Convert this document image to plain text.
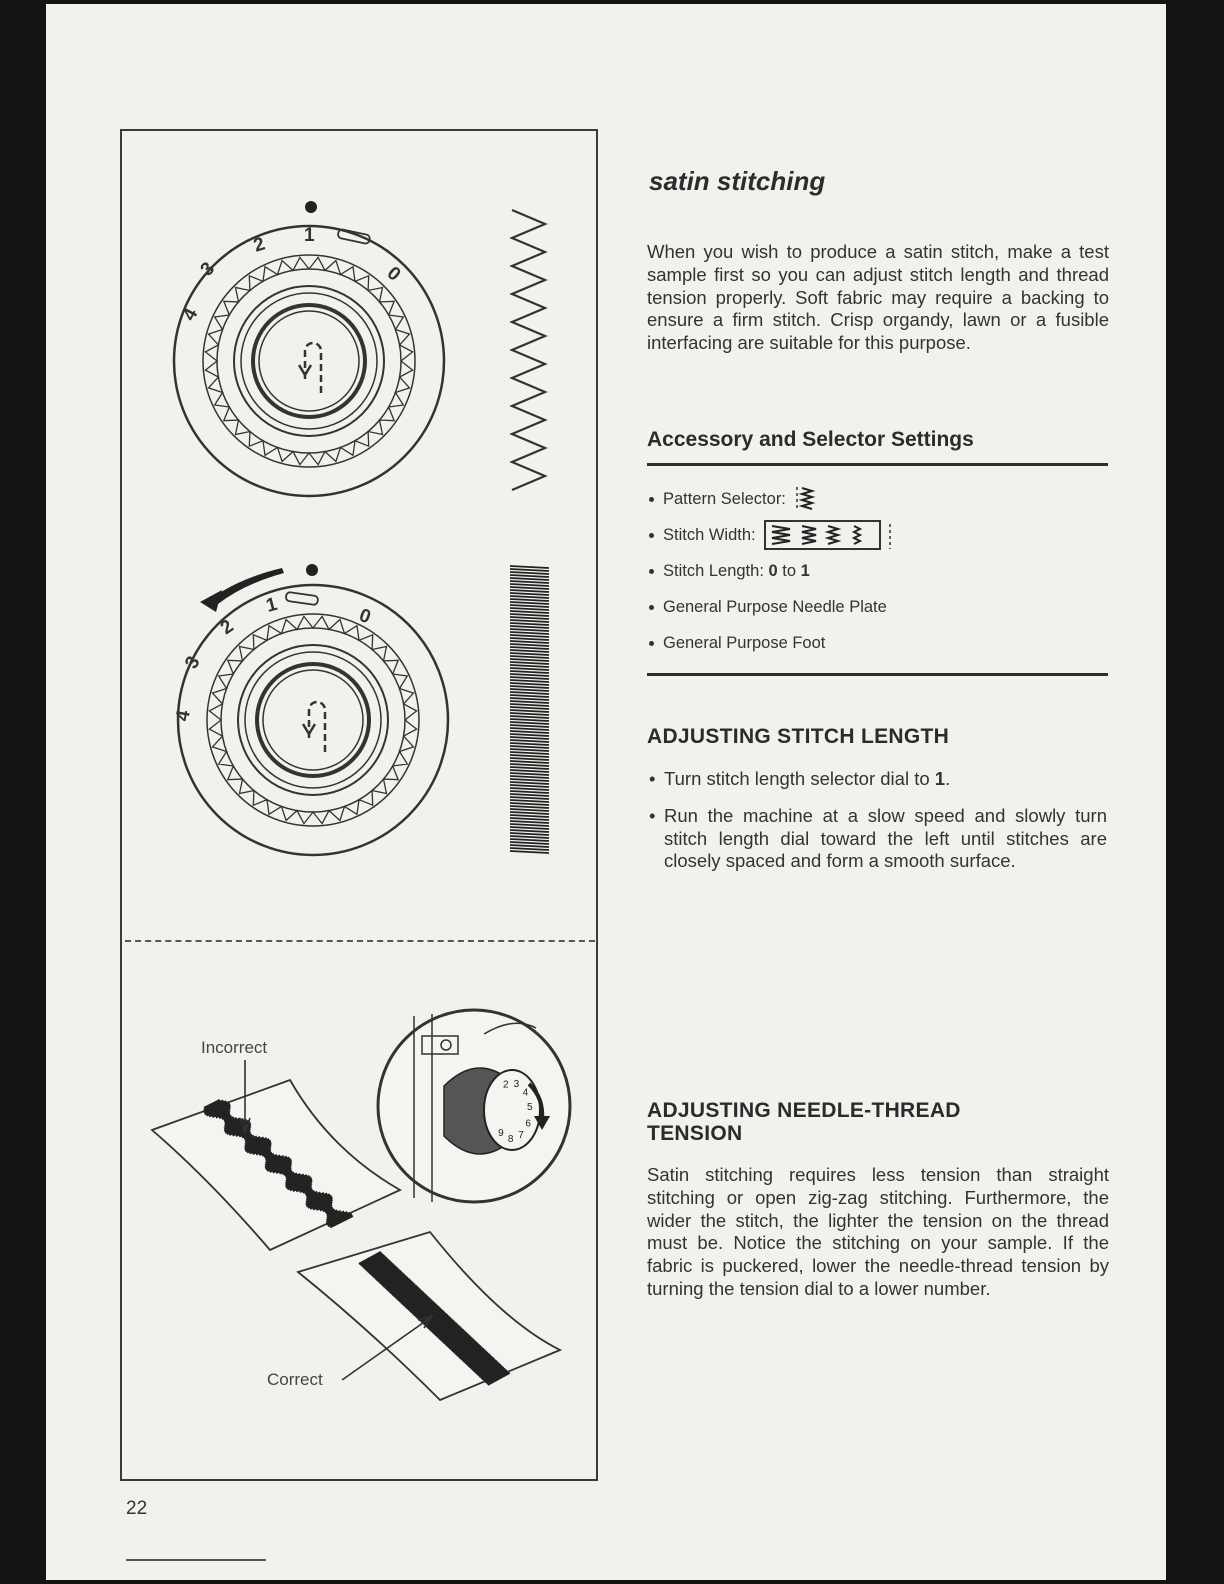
4
3
2 1
0
4
3
2
1	0
2 3
4
5
6
7
8
9
Incorrect
Correct
satin stitching
When you wish to produce a satin stitch, make a test sample first so you can adjust stitch length and thread tension properly. Soft fabric may require a backing to ensure a firm stitch. Crisp organdy, lawn or a fusible interfacing are suitable for this purpose.
Accessory and Selector Settings
Pattern Selector:
Stitch Width:
Stitch Length:
0
to
1
General Purpose Needle Plate
General Purpose Foot
ADJUSTING STITCH LENGTH
• Turn stitch length selector dial to 1.
• Run the machine at a slow speed and slowly turn stitch length dial toward the left until stitches are closely spaced and form a smooth surface.
ADJUSTING NEEDLE-THREAD
TENSION
Satin stitching requires less tension than straight stitching or open zig-zag stitching. Furthermore, the wider the stitch, the lighter the tension on the thread must be. Notice the stitching on your sample. If the fabric is puckered, lower the needle-thread tension by turning the tension dial to a lower number.
22
